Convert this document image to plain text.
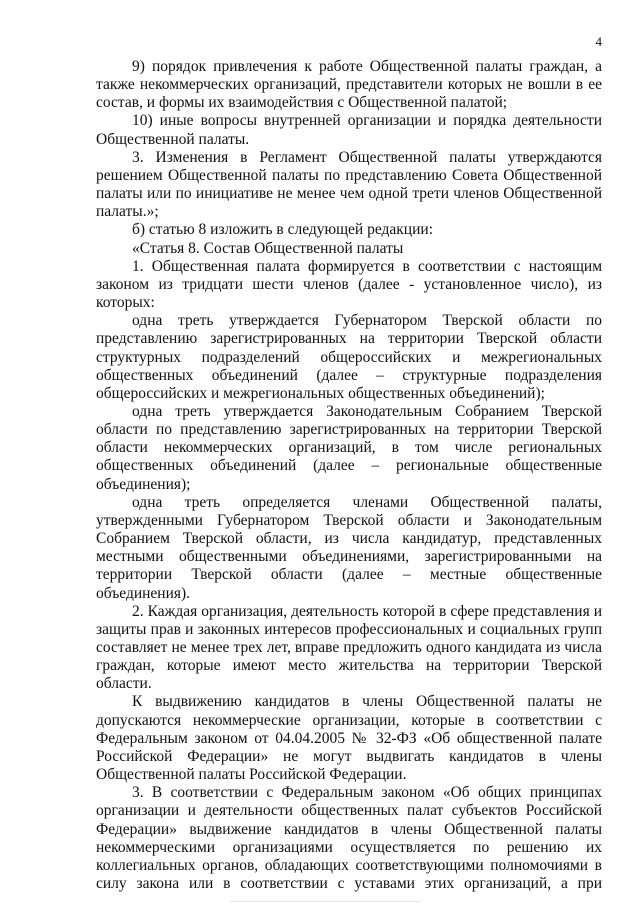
4

9) порядок привлечения к работе Общественной палаты граждан, а также некоммерческих организаций, представители которых не вошли в ее состав, и формы их взаимодействия с Общественной палатой;

10) иные вопросы внутренней организации и порядка деятельности Общественной палаты.

3. Изменения в Регламент Общественной палаты утверждаются решением Общественной палаты по представлению Совета Общественной палаты или по инициативе не менее чем одной трети членов Общественной палаты.»;

б) статью 8 изложить в следующей редакции:

«Статья 8. Состав Общественной палаты

1. Общественная палата формируется в соответствии с настоящим законом из тридцати шести членов (далее - установленное число), из которых:

одна треть утверждается Губернатором Тверской области по представлению зарегистрированных на территории Тверской области структурных подразделений общероссийских и межрегиональных общественных объединений (далее – структурные подразделения общероссийских и межрегиональных общественных объединений);

одна треть утверждается Законодательным Собранием Тверской области по представлению зарегистрированных на территории Тверской области некоммерческих организаций, в том числе региональных общественных объединений (далее – региональные общественные объединения);

одна треть определяется членами Общественной палаты, утвержденными Губернатором Тверской области и Законодательным Собранием Тверской области, из числа кандидатур, представленных местными общественными объединениями, зарегистрированными на территории Тверской области (далее – местные общественные объединения).

2. Каждая организация, деятельность которой в сфере представления и защиты прав и законных интересов профессиональных и социальных групп составляет не менее трех лет, вправе предложить одного кандидата из числа граждан, которые имеют место жительства на территории Тверской области.

К выдвижению кандидатов в члены Общественной палаты не допускаются некоммерческие организации, которые в соответствии с Федеральным законом от 04.04.2005 № 32-ФЗ «Об общественной палате Российской Федерации» не могут выдвигать кандидатов в члены Общественной палаты Российской Федерации.

3. В соответствии с Федеральным законом «Об общих принципах организации и деятельности общественных палат субъектов Российской Федерации» выдвижение кандидатов в члены Общественной палаты некоммерческими организациями осуществляется по решению их коллегиальных органов, обладающих соответствующими полномочиями в силу закона или в соответствии с уставами этих организаций, а при
